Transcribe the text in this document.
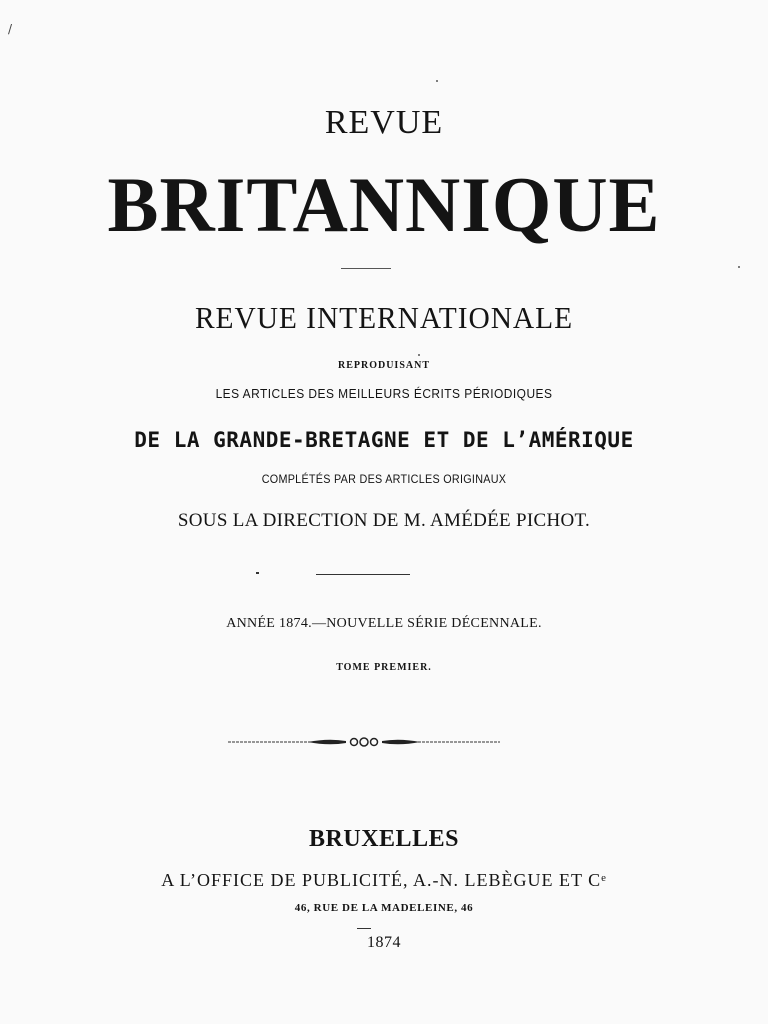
/
REVUE
BRITANNIQUE
REVUE INTERNATIONALE
REPRODUISANT
LES ARTICLES DES MEILLEURS ÉCRITS PÉRIODIQUES
DE LA GRANDE-BRETAGNE ET DE L’AMÉRIQUE
COMPLÉTÉS PAR DES ARTICLES ORIGINAUX
SOUS LA DIRECTION DE M. AMÉDÉE PICHOT.
ANNÉE 1874.—NOUVELLE SÉRIE DÉCENNALE.
TOME PREMIER.
BRUXELLES
A L’OFFICE DE PUBLICITÉ, A.-N. LEBÈGUE ET Cᵉ
46, RUE DE LA MADELEINE, 46
1874
